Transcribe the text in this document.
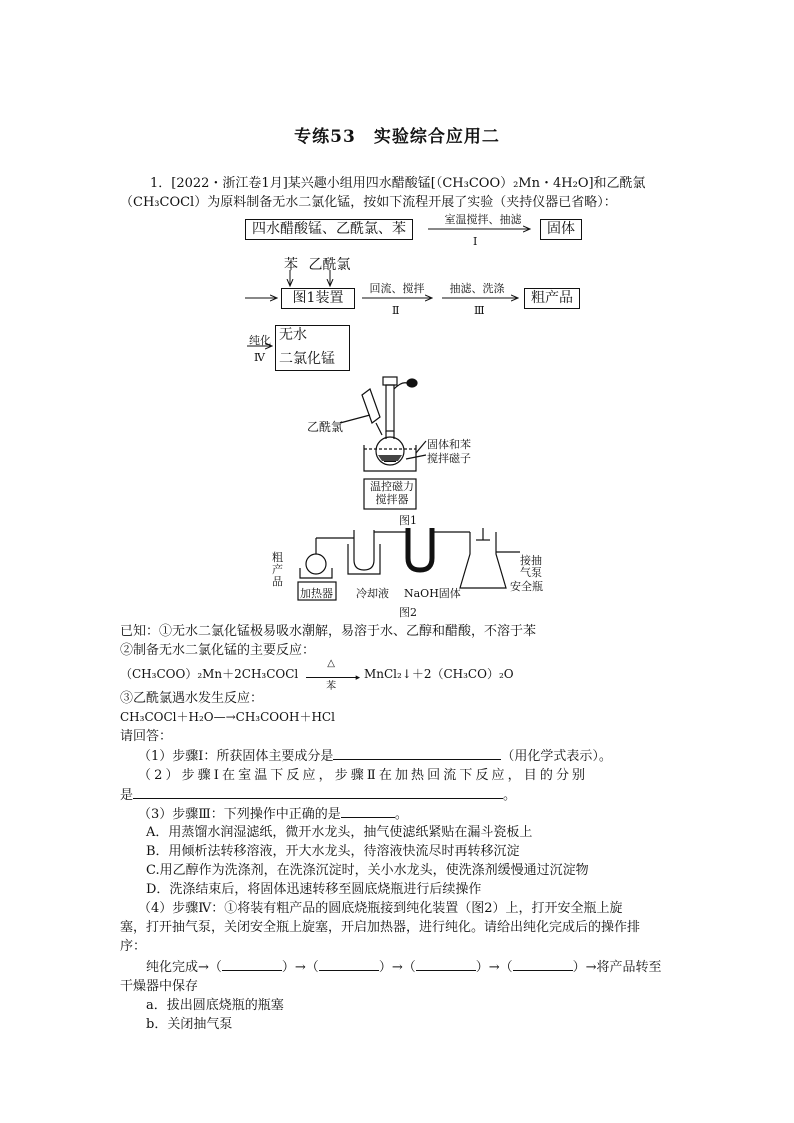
专练53　实验综合应用二
1．[2022・浙江卷1月]某兴趣小组用四水醋酸锰[（CH₃COO）₂Mn・4H₂O]和乙酰氯
（CH₃COCl）为原料制备无水二氯化锰，按如下流程开展了实验（夹持仪器已省略）：
四水醋酸锰、乙酰氯、苯
室温搅拌、抽滤
Ⅰ
固体
苯 乙酰氯
图1装置
回流、搅拌
Ⅱ
抽滤、洗涤
Ⅲ
粗产品
纯化
Ⅳ
无水
二氯化锰
乙酰氯
固体和苯
搅拌磁子
温控磁力
搅拌器
图1
粗产品
加热器 冷却液 NaOH固体
接抽气泵
安全瓶
图2
已知：①无水二氯化锰极易吸水潮解，易溶于水、乙醇和醋酸，不溶于苯
②制备无水二氯化锰的主要反应：
（CH₃COO）₂Mn＋2CH₃COCl
△
▸
苯
MnCl₂↓＋2（CH₃CO）₂O
③乙酰氯遇水发生反应：
CH₃COCl＋H₂O—→CH₃COOH＋HCl
请回答：
（1）步骤Ⅰ：所获固体主要成分是	（用化学式表示）。
（2）步骤Ⅰ在室温下反应，步骤Ⅱ在加热回流下反应，目的分别
是	。
（3）步骤Ⅲ：下列操作中正确的是	。
A．用蒸馏水润湿滤纸，微开水龙头，抽气使滤纸紧贴在漏斗瓷板上
B．用倾析法转移溶液，开大水龙头，待溶液快流尽时再转移沉淀
C.用乙醇作为洗涤剂，在洗涤沉淀时，关小水龙头，使洗涤剂缓慢通过沉淀物
D．洗涤结束后，将固体迅速转移至圆底烧瓶进行后续操作
（4）步骤Ⅳ：①将装有粗产品的圆底烧瓶接到纯化装置（图2）上，打开安全瓶上旋
塞，打开抽气泵，关闭安全瓶上旋塞，开启加热器，进行纯化。请给出纯化完成后的操作排
序：
纯化完成→（	）→（	）→（	）→（	）→将产品转至
干燥器中保存
a．拔出圆底烧瓶的瓶塞
b．关闭抽气泵
